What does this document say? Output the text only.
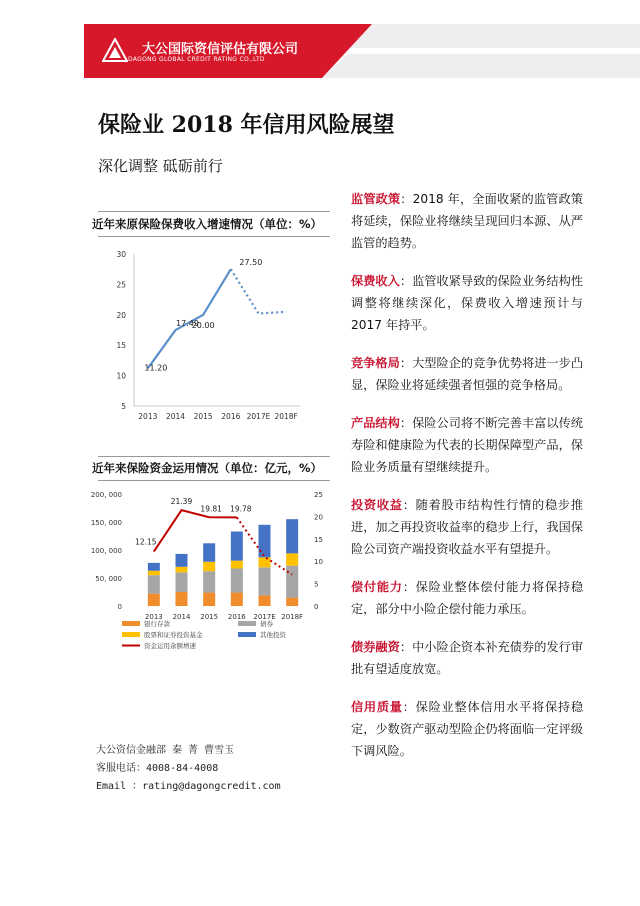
大公国际资信评估有限公司
DAGONG GLOBAL CREDIT RATING CO.,LTD
保险业 2018 年信用风险展望
深化调整 砥砺前行
近年来原保险保费收入增速情况（单位：%）
30
25
20
15
10
5
2013 2014 2015 2016 2017E 2018F
11.20
17.49
20.00
27.50
近年来保险资金运用情况（单位：亿元，%）
200, 000
150, 000
100, 000
50, 000
0
25
20
15
10
5
0
2013 2014 2015 2016 2017E 2018F
12.15
21.39
19.81 19.78
银行存款	债券
股票和证券投资基金	其他投资
资金运用余额增速
监管政策：2018 年，全面收紧的监管政策将延续，保险业将继续呈现回归本源、从严监管的趋势。
保费收入：监管收紧导致的保险业务结构性调整将继续深化，保费收入增速预计与 2017 年持平。
竞争格局：大型险企的竞争优势将进一步凸显，保险业将延续强者恒强的竞争格局。
产品结构：保险公司将不断完善丰富以传统寿险和健康险为代表的长期保障型产品，保险业务质量有望继续提升。
投资收益：随着股市结构性行情的稳步推进，加之再投资收益率的稳步上行，我国保险公司资产端投资收益水平有望提升。
偿付能力：保险业整体偿付能力将保持稳定，部分中小险企偿付能力承压。
债券融资：中小险企资本补充债券的发行审批有望适度放宽。
信用质量：保险业整体信用水平将保持稳定，少数资产驱动型险企仍将面临一定评级下调风险。
大公资信金融部 秦 菁 曹雪玉
客服电话：4008-84-4008
Email ：rating@dagongcredit.com
